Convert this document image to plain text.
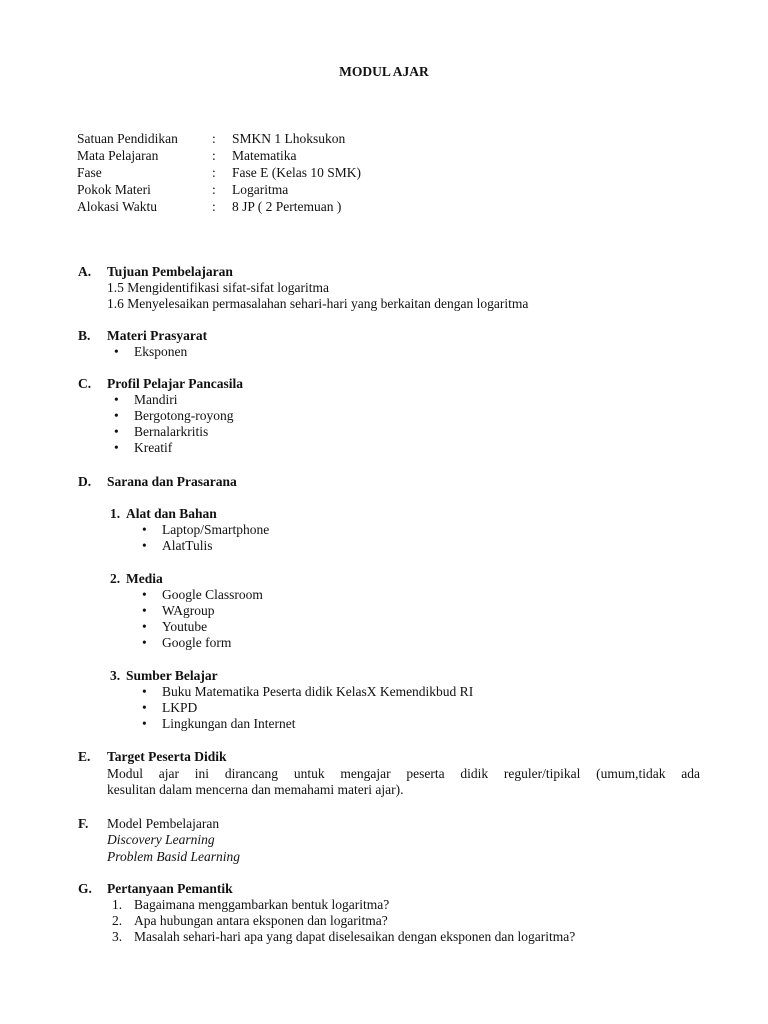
MODUL AJAR
Satuan Pendidikan	: SMKN 1 Lhoksukon
Mata Pelajaran	: Matematika
Fase	: Fase E (Kelas 10 SMK)
Pokok Materi	: Logaritma
Alokasi Waktu	: 8 JP ( 2 Pertemuan )
A. Tujuan Pembelajaran
1.5 Mengidentifikasi sifat-sifat logaritma
1.6 Menyelesaikan permasalahan sehari-hari yang berkaitan dengan logaritma
B. Materi Prasyarat
• Eksponen
C. Profil Pelajar Pancasila
• Mandiri
• Bergotong-royong
• Bernalarkritis
• Kreatif
D. Sarana dan Prasarana
1. Alat dan Bahan
• Laptop/Smartphone
• AlatTulis
2. Media
• Google Classroom
• WAgroup
• Youtube
• Google form
3. Sumber Belajar
• Buku Matematika Peserta didik KelasX Kemendikbud RI
• LKPD
• Lingkungan dan Internet
E. Target Peserta Didik
Modul ajar ini dirancang untuk mengajar peserta didik reguler/tipikal (umum,tidak ada
kesulitan dalam mencerna dan memahami materi ajar).
F. Model Pembelajaran
Discovery Learning
Problem Basid Learning
G. Pertanyaan Pemantik
1. Bagaimana menggambarkan bentuk logaritma?
2. Apa hubungan antara eksponen dan logaritma?
3. Masalah sehari-hari apa yang dapat diselesaikan dengan eksponen dan logaritma?
